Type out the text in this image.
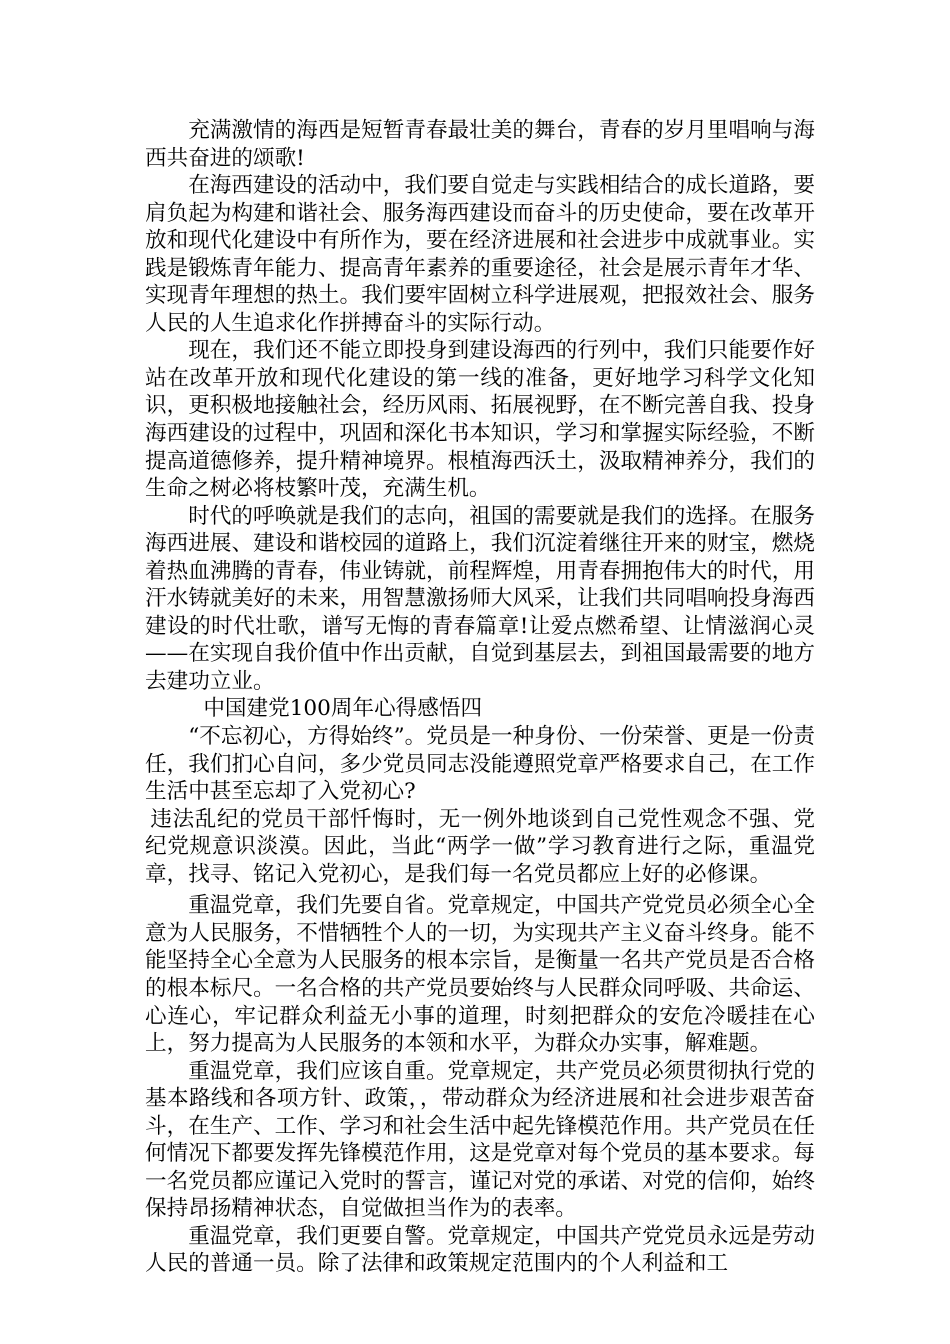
充满激情的海西是短暂青春最壮美的舞台，青春的岁月里唱响与海西共奋进的颂歌!

在海西建设的活动中，我们要自觉走与实践相结合的成长道路，要肩负起为构建和谐社会、服务海西建设而奋斗的历史使命，要在改革开放和现代化建设中有所作为，要在经济进展和社会进步中成就事业。实践是锻炼青年能力、提高青年素养的重要途径，社会是展示青年才华、实现青年理想的热土。我们要牢固树立科学进展观，把报效社会、服务人民的人生追求化作拼搏奋斗的实际行动。

现在，我们还不能立即投身到建设海西的行列中，我们只能要作好站在改革开放和现代化建设的第一线的准备，更好地学习科学文化知识，更积极地接触社会，经历风雨、拓展视野，在不断完善自我、投身海西建设的过程中，巩固和深化书本知识，学习和掌握实际经验，不断提高道德修养，提升精神境界。根植海西沃土，汲取精神养分，我们的生命之树必将枝繁叶茂，充满生机。

时代的呼唤就是我们的志向，祖国的需要就是我们的选择。在服务海西进展、建设和谐校园的道路上，我们沉淀着继往开来的财宝，燃烧着热血沸腾的青春，伟业铸就，前程辉煌，用青春拥抱伟大的时代，用汗水铸就美好的未来，用智慧激扬师大风采，让我们共同唱响投身海西建设的时代壮歌，谱写无悔的青春篇章!让爱点燃希望、让情滋润心灵——在实现自我价值中作出贡献，自觉到基层去，到祖国最需要的地方去建功立业。

中国建党100周年心得感悟四

“不忘初心，方得始终”。党员是一种身份、一份荣誉、更是一份责任，我们扪心自问，多少党员同志没能遵照党章严格要求自己，在工作生活中甚至忘却了入党初心?

违法乱纪的党员干部忏悔时，无一例外地谈到自己党性观念不强、党纪党规意识淡漠。因此，当此“两学一做”学习教育进行之际，重温党章，找寻、铭记入党初心，是我们每一名党员都应上好的必修课。

重温党章，我们先要自省。党章规定，中国共产党党员必须全心全意为人民服务，不惜牺牲个人的一切，为实现共产主义奋斗终身。能不能坚持全心全意为人民服务的根本宗旨，是衡量一名共产党员是否合格的根本标尺。一名合格的共产党员要始终与人民群众同呼吸、共命运、心连心，牢记群众利益无小事的道理，时刻把群众的安危冷暖挂在心上，努力提高为人民服务的本领和水平，为群众办实事，解难题。

重温党章，我们应该自重。党章规定，共产党员必须贯彻执行党的基本路线和各项方针、政策，，带动群众为经济进展和社会进步艰苦奋斗，在生产、工作、学习和社会生活中起先锋模范作用。共产党员在任何情况下都要发挥先锋模范作用，这是党章对每个党员的基本要求。每一名党员都应谨记入党时的誓言，谨记对党的承诺、对党的信仰，始终保持昂扬精神状态，自觉做担当作为的表率。

重温党章，我们更要自警。党章规定，中国共产党党员永远是劳动人民的普通一员。除了法律和政策规定范围内的个人利益和工
